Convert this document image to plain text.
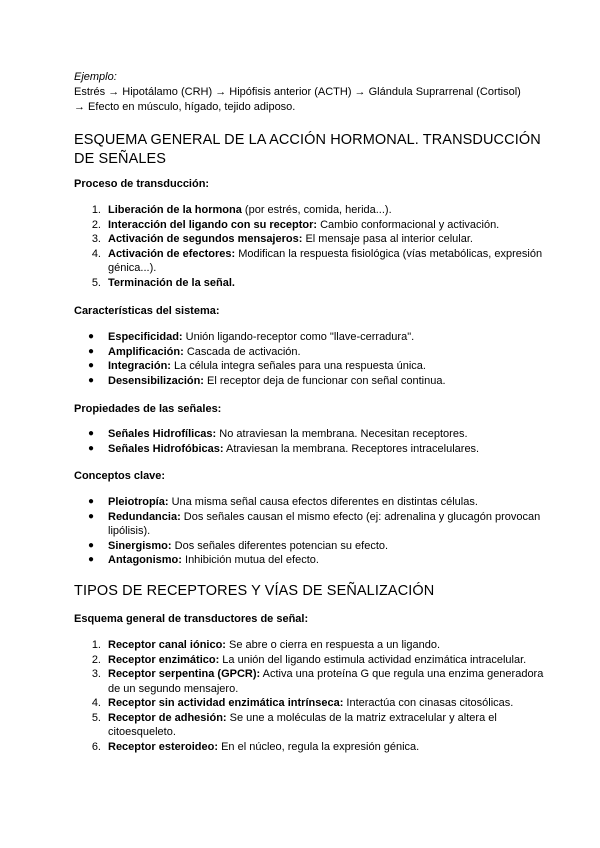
Ejemplo:
Estrés → Hipotálamo (CRH) → Hipófisis anterior (ACTH) → Glándula Suprarrenal (Cortisol)
→ Efecto en músculo, hígado, tejido adiposo.
ESQUEMA GENERAL DE LA ACCIÓN HORMONAL. TRANSDUCCIÓN DE SEÑALES
Proceso de transducción:
1. Liberación de la hormona (por estrés, comida, herida...).
2. Interacción del ligando con su receptor: Cambio conformacional y activación.
3. Activación de segundos mensajeros: El mensaje pasa al interior celular.
4. Activación de efectores: Modifican la respuesta fisiológica (vías metabólicas, expresión génica...).
5. Terminación de la señal.
Características del sistema:
● Especificidad: Unión ligando-receptor como "llave-cerradura".
● Amplificación: Cascada de activación.
● Integración: La célula integra señales para una respuesta única.
● Desensibilización: El receptor deja de funcionar con señal continua.
Propiedades de las señales:
● Señales Hidrofílicas: No atraviesan la membrana. Necesitan receptores.
● Señales Hidrofóbicas: Atraviesan la membrana. Receptores intracelulares.
Conceptos clave:
● Pleiotropía: Una misma señal causa efectos diferentes en distintas células.
● Redundancia: Dos señales causan el mismo efecto (ej: adrenalina y glucagón provocan lipólisis).
● Sinergismo: Dos señales diferentes potencian su efecto.
● Antagonismo: Inhibición mutua del efecto.
TIPOS DE RECEPTORES Y VÍAS DE SEÑALIZACIÓN
Esquema general de transductores de señal:
1. Receptor canal iónico: Se abre o cierra en respuesta a un ligando.
2. Receptor enzimático: La unión del ligando estimula actividad enzimática intracelular.
3. Receptor serpentina (GPCR): Activa una proteína G que regula una enzima generadora de un segundo mensajero.
4. Receptor sin actividad enzimática intrínseca: Interactúa con cinasas citosólicas.
5. Receptor de adhesión: Se une a moléculas de la matriz extracelular y altera el citoesqueleto.
6. Receptor esteroideo: En el núcleo, regula la expresión génica.
